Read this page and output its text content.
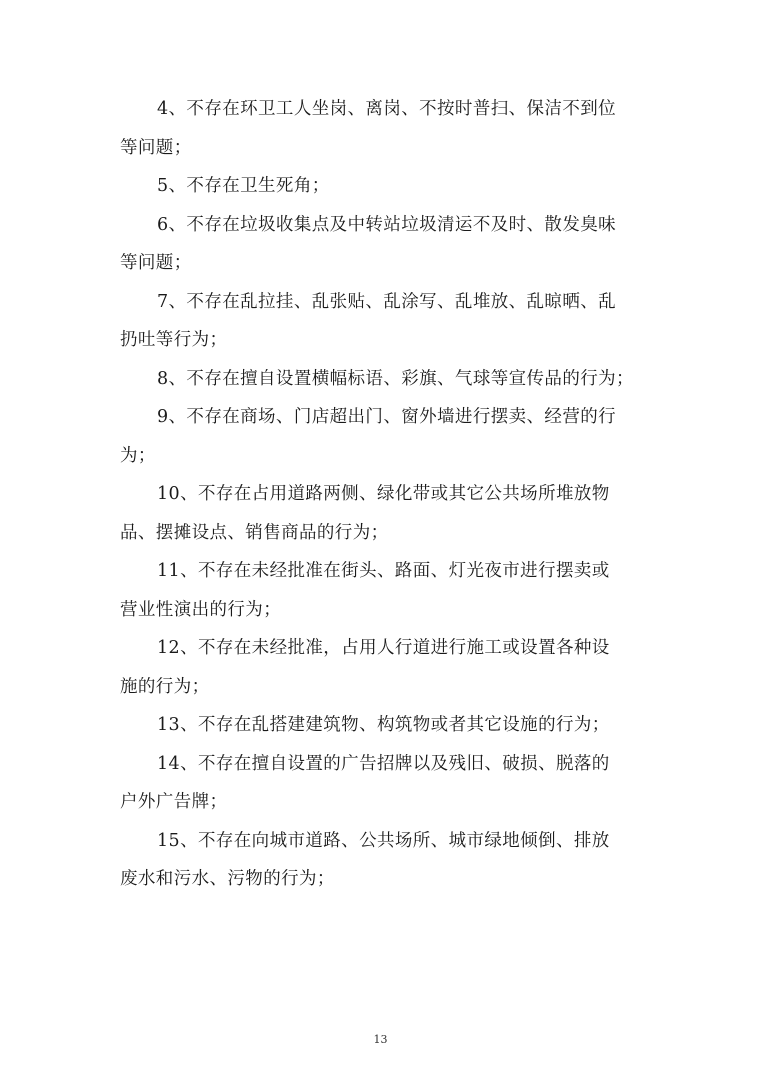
4、不存在环卫工人坐岗、离岗、不按时普扫、保洁不到位
等问题；

5、不存在卫生死角；

6、不存在垃圾收集点及中转站垃圾清运不及时、散发臭味
等问题；

7、不存在乱拉挂、乱张贴、乱涂写、乱堆放、乱晾晒、乱
扔吐等行为；

8、不存在擅自设置横幅标语、彩旗、气球等宣传品的行为；

9、不存在商场、门店超出门、窗外墙进行摆卖、经营的行
为；

10、不存在占用道路两侧、绿化带或其它公共场所堆放物
品、摆摊设点、销售商品的行为；

11、不存在未经批准在街头、路面、灯光夜市进行摆卖或
营业性演出的行为；

12、不存在未经批准，占用人行道进行施工或设置各种设
施的行为；

13、不存在乱搭建建筑物、构筑物或者其它设施的行为；

14、不存在擅自设置的广告招牌以及残旧、破损、脱落的
户外广告牌；

15、不存在向城市道路、公共场所、城市绿地倾倒、排放
废水和污水、污物的行为；

13
